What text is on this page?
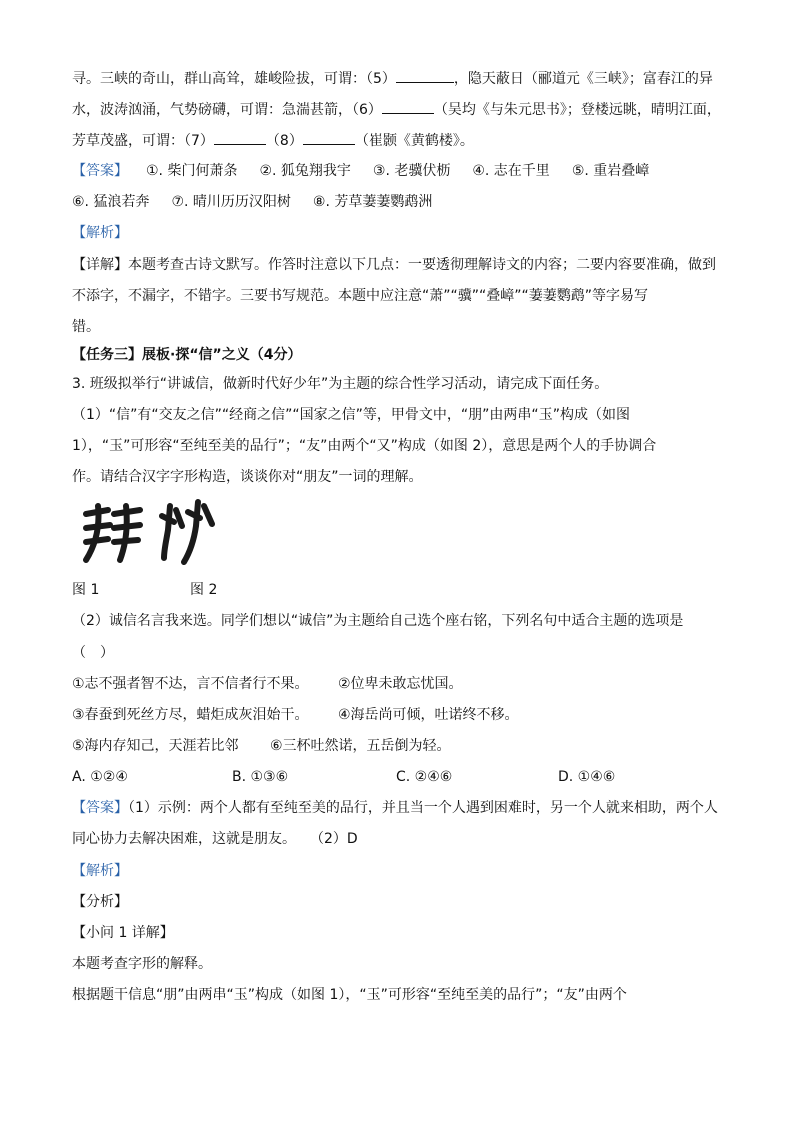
寻。三峡的奇山，群山高耸，雄峻险拔，可谓：（5）	，隐天蔽日（郦道元《三峡》；富春江的异
水，波涛汹涌，气势磅礴，可谓：急湍甚箭，（6）	（吴均《与朱元思书》；登楼远眺，晴明江面，
芳草茂盛，可谓：（7）	（8）	（崔颢《黄鹤楼》。
【答案】 ①. 柴门何萧条 ②. 狐兔翔我宇 ③. 老骥伏枥 ④. 志在千里 ⑤. 重岩叠嶂
⑥. 猛浪若奔 ⑦. 晴川历历汉阳树 ⑧. 芳草萋萋鹦鹉洲
【解析】
【详解】本题考查古诗文默写。作答时注意以下几点：一要透彻理解诗文的内容；二要内容要准确，做到
不添字，不漏字，不错字。三要书写规范。本题中应注意“萧”“骥”“叠嶂”“萋萋鹦鹉”等字易写
错。
【任务三】展板·探“信”之义（4分）
3. 班级拟举行“讲诚信，做新时代好少年”为主题的综合性学习活动，请完成下面任务。
（1）“信”有“交友之信”“经商之信”“国家之信”等，甲骨文中，“朋”由两串“玉”构成（如图
1），“玉”可形容“至纯至美的品行”；“友”由两个“又”构成（如图 2），意思是两个人的手协调合
作。请结合汉字字形构造，谈谈你对“朋友”一词的理解。
图 1	图 2
（2）诚信名言我来选。同学们想以“诚信”为主题给自己选个座右铭，下列名句中适合主题的选项是
（　）
①志不强者智不达，言不信者行不果。 ②位卑未敢忘忧国。
③春蚕到死丝方尽，蜡炬成灰泪始干。 ④海岳尚可倾，吐诺终不移。
⑤海内存知己，天涯若比邻 ⑥三杯吐然诺，五岳倒为轻。
A. ①②④	B. ①③⑥	C. ②④⑥	D. ①④⑥
【答案】（1）示例：两个人都有至纯至美的品行，并且当一个人遇到困难时，另一个人就来相助，两个人
同心协力去解决困难，这就是朋友。　　（2）D
【解析】
【分析】
【小问 1 详解】
本题考查字形的解释。
根据题干信息“朋”由两串“玉”构成（如图 1），“玉”可形容“至纯至美的品行”；“友”由两个
